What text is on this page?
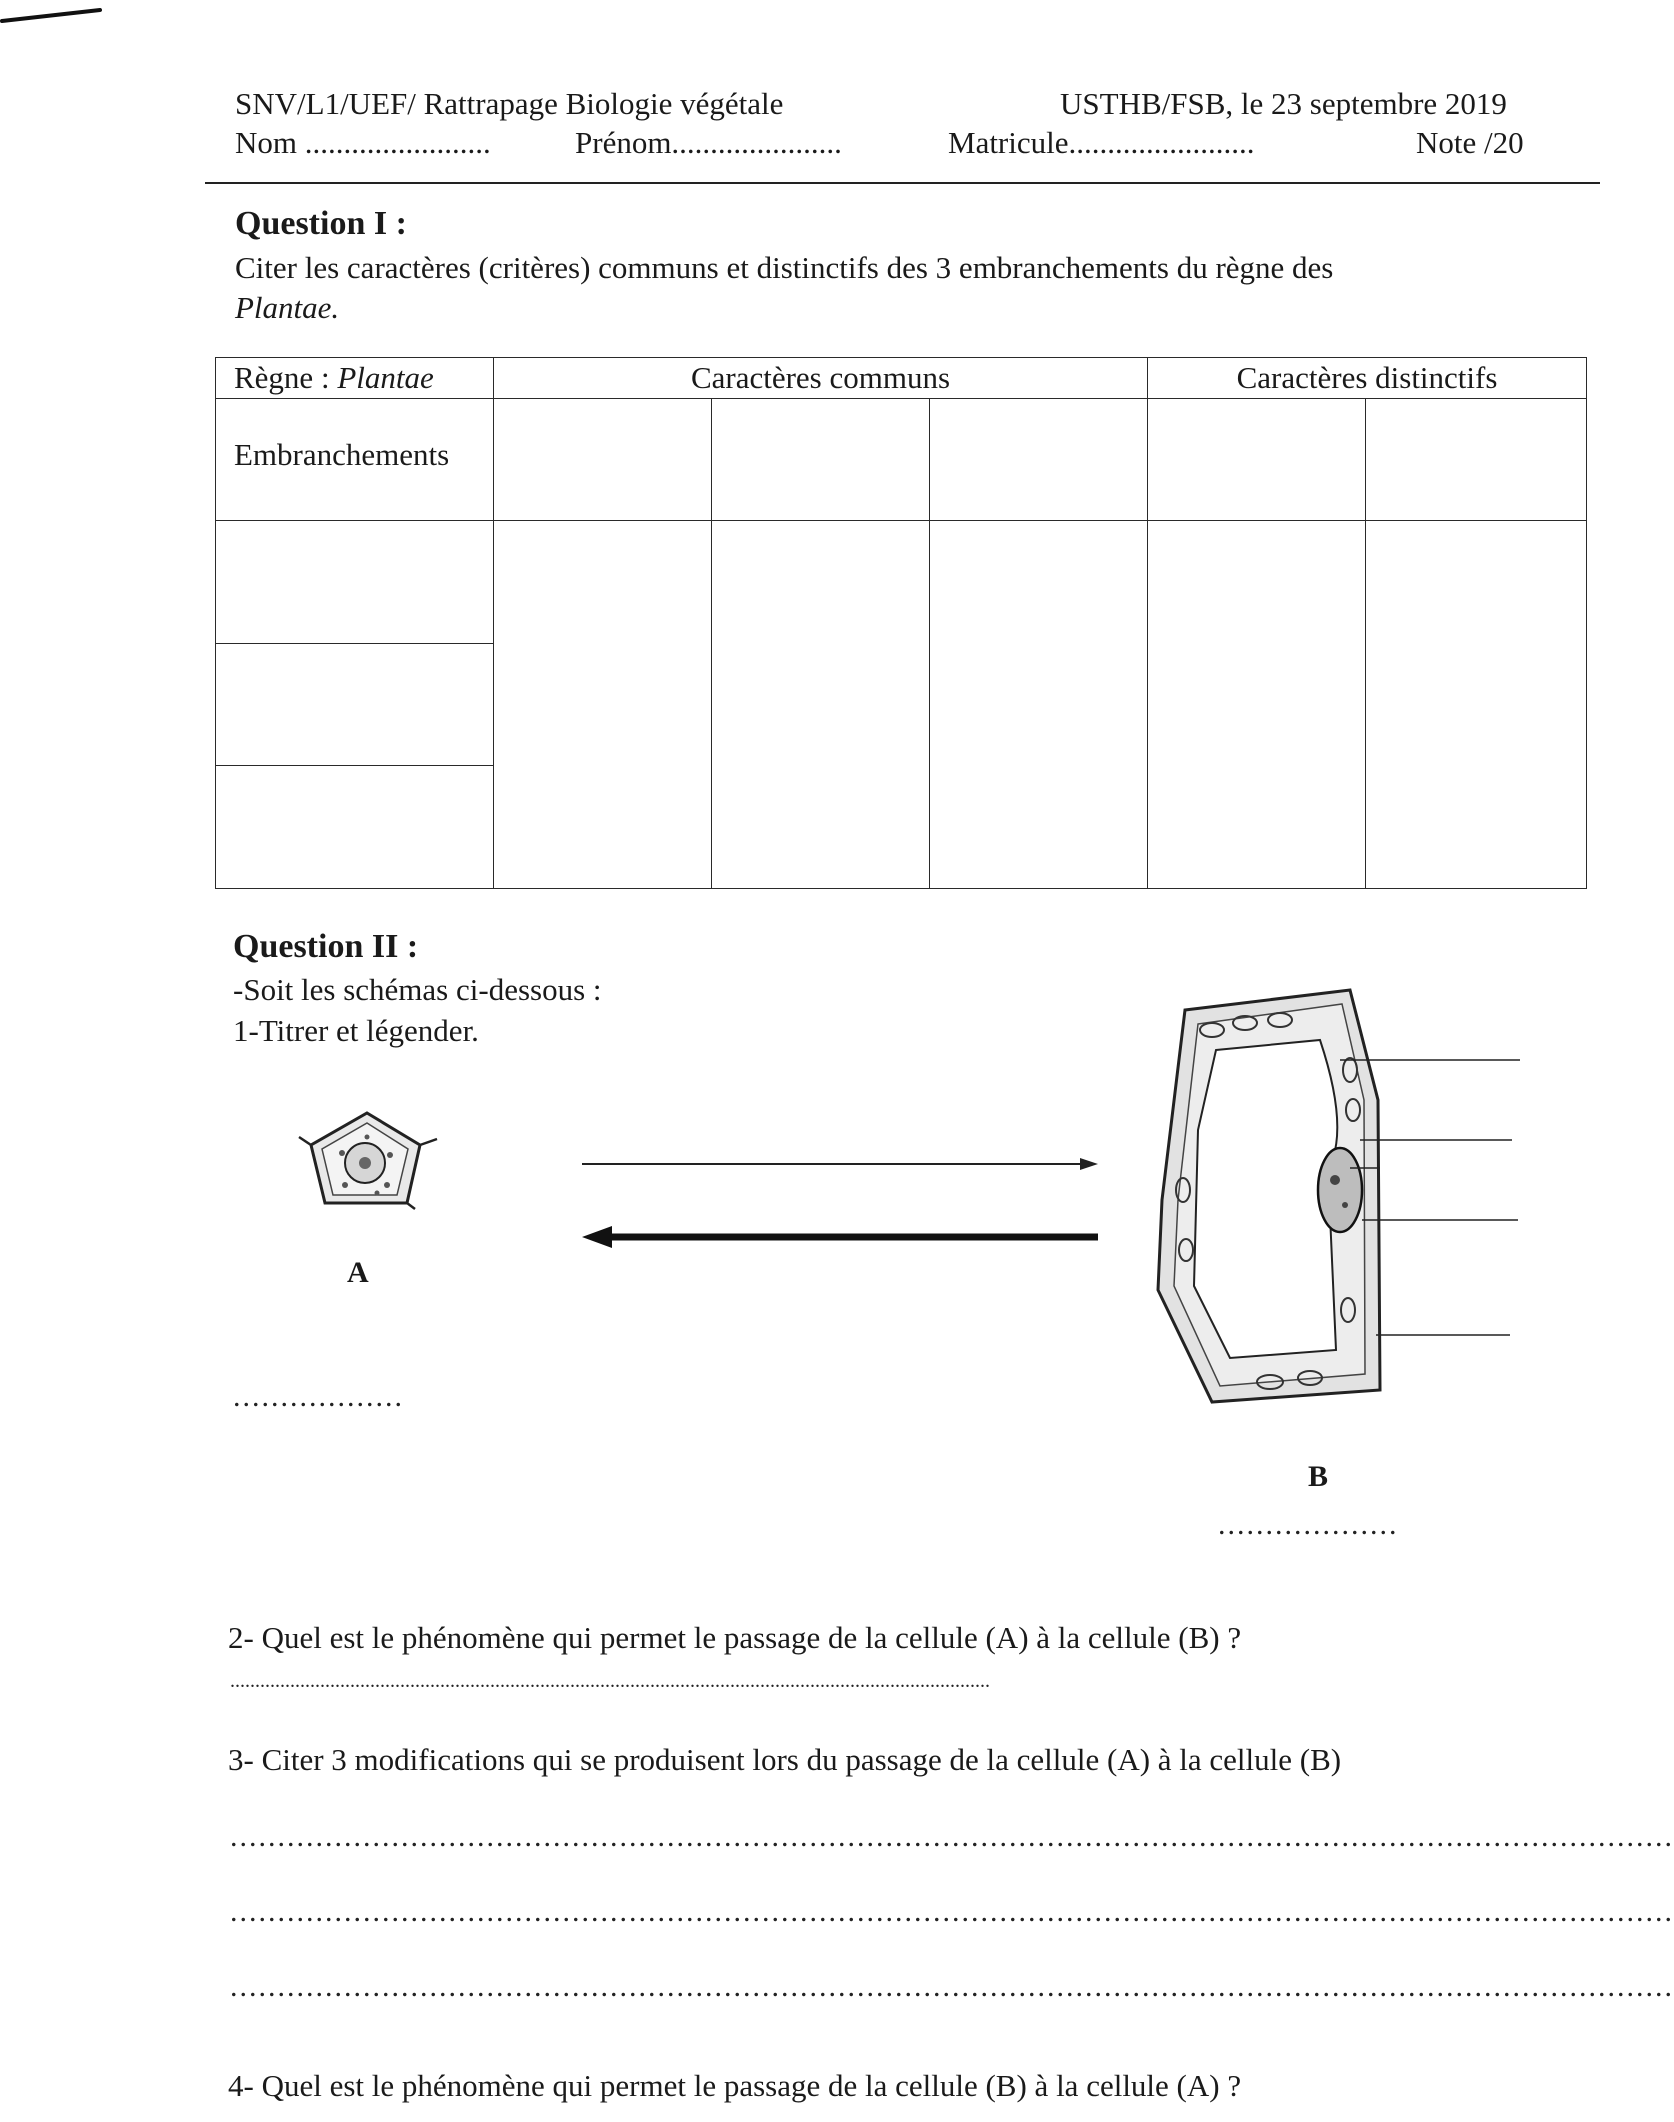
SNV/L1/UEF/ Rattrapage Biologie végétale	USTHB/FSB, le 23 septembre 2019
Nom ........................	Prénom......................	Matricule........................	Note /20
Question I :
Citer les caractères (critères) communs et distinctifs des 3 embranchements du règne des
Plantae.
Règne : Plantae	Caractères communs			Caractères distinctifs	
Embranchements					

Question II :
-Soit les schémas ci-dessous :
1-Titrer et légender.
A
..................
B
...................
2- Quel est le phénomène qui permet le passage de la cellule (A) à la cellule (B) ?
........................................................................................................................................................
3- Citer 3 modifications qui se produisent lors du passage de la cellule (A) à la cellule (B)
........................................................................................................................................................
........................................................................................................................................................
........................................................................................................................................................
4- Quel est le phénomène qui permet le passage de la cellule (B) à la cellule (A) ?
